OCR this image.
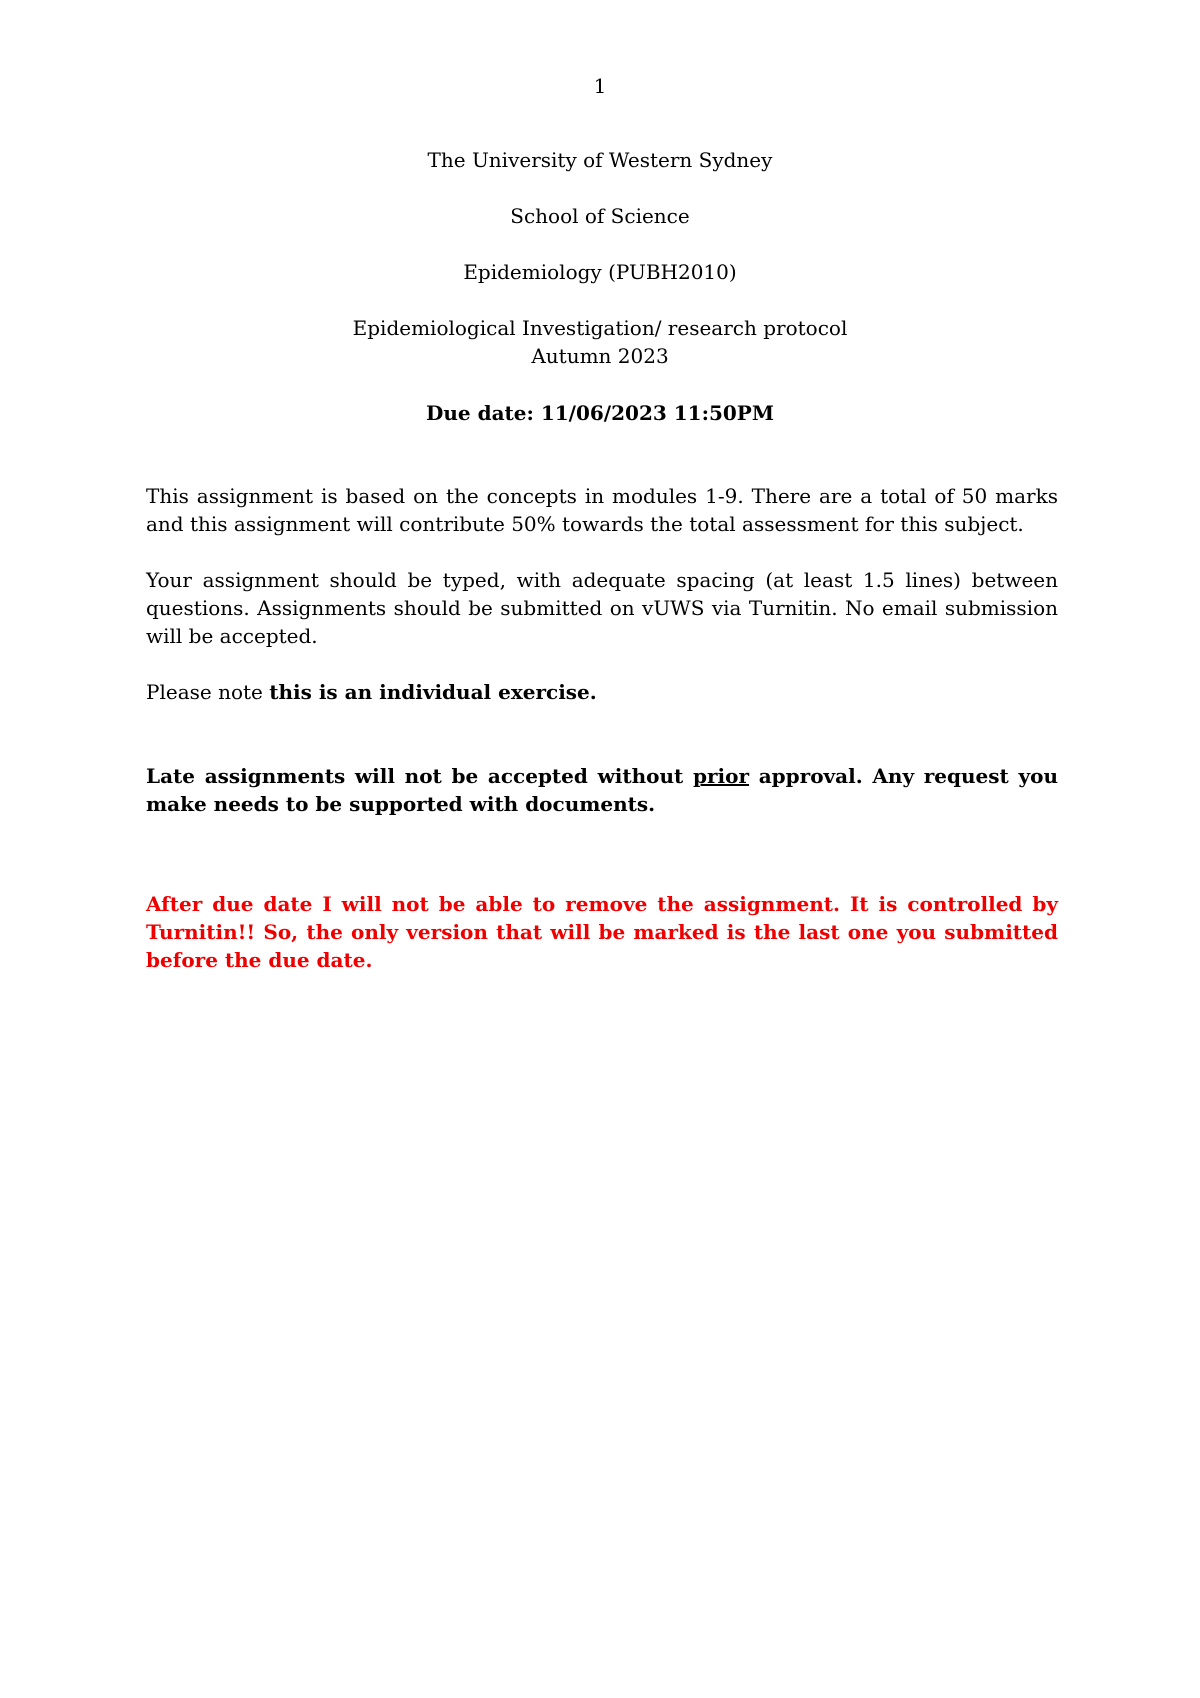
1

The University of Western Sydney

School of Science

Epidemiology (PUBH2010)

Epidemiological Investigation/ research protocol

Autumn 2023

Due date: 11/06/2023 11:50PM

This assignment is based on the concepts in modules 1-9. There are a total of 50 marks and this assignment will contribute 50% towards the total assessment for this subject.

Your assignment should be typed, with adequate spacing (at least 1.5 lines) between questions. Assignments should be submitted on vUWS via Turnitin. No email submission will be accepted.

Please note this is an individual exercise.

Late assignments will not be accepted without prior approval. Any request you make needs to be supported with documents.

After due date I will not be able to remove the assignment. It is controlled by Turnitin!! So, the only version that will be marked is the last one you submitted before the due date.
